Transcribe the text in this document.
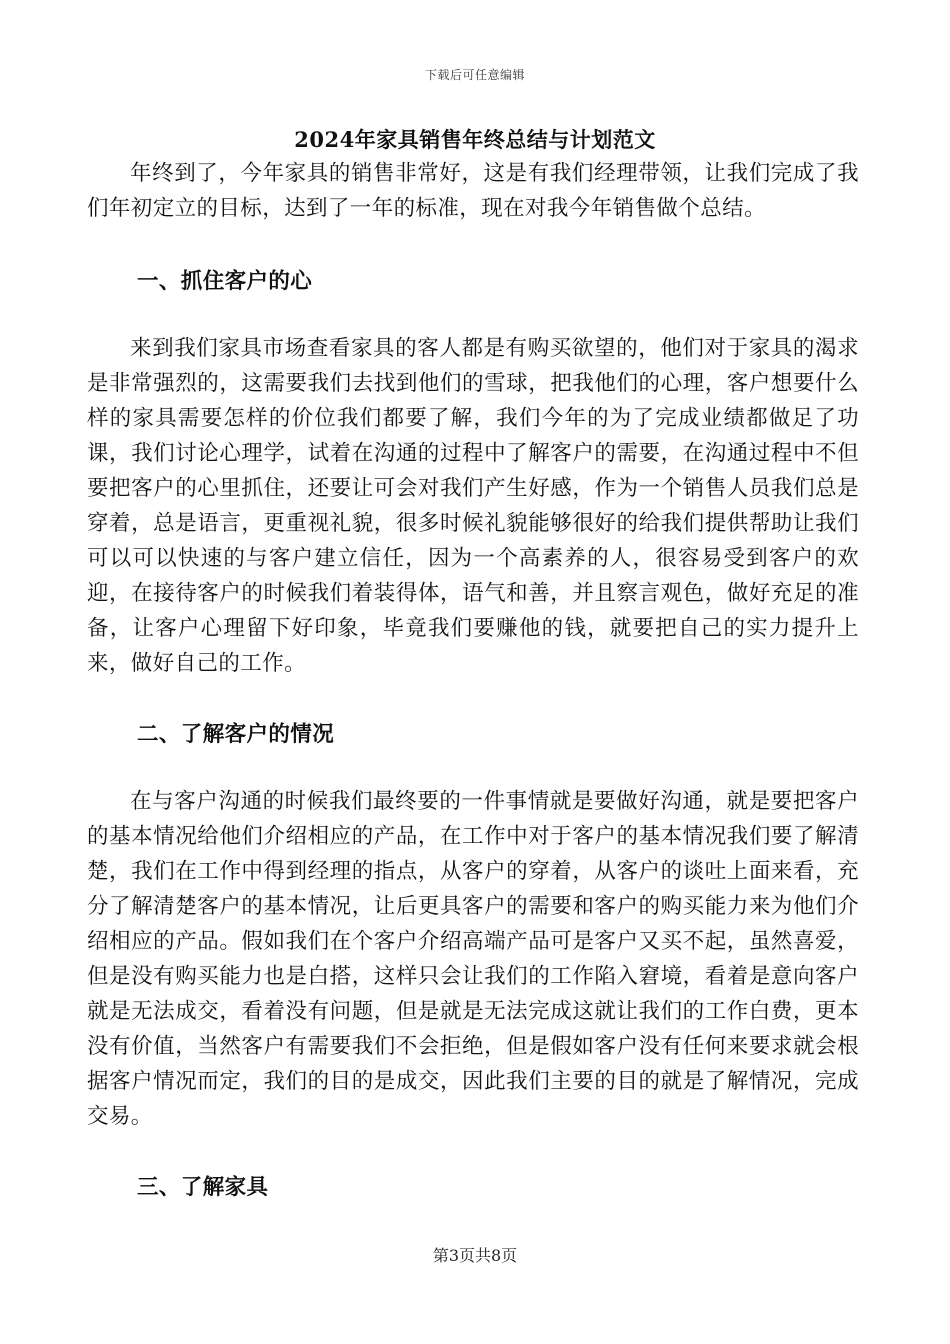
下载后可任意编辑
2024年家具销售年终总结与计划范文

年终到了，今年家具的销售非常好，这是有我们经理带领，让我们完成了我们年初定立的目标，达到了一年的标准，现在对我今年销售做个总结。

一、抓住客户的心

来到我们家具市场查看家具的客人都是有购买欲望的，他们对于家具的渴求是非常强烈的，这需要我们去找到他们的雪球，把我他们的心理，客户想要什么样的家具需要怎样的价位我们都要了解，我们今年的为了完成业绩都做足了功课，我们讨论心理学，试着在沟通的过程中了解客户的需要，在沟通过程中不但要把客户的心里抓住，还要让可会对我们产生好感，作为一个销售人员我们总是穿着，总是语言，更重视礼貌，很多时候礼貌能够很好的给我们提供帮助让我们可以可以快速的与客户建立信任，因为一个高素养的人，很容易受到客户的欢迎，在接待客户的时候我们着装得体，语气和善，并且察言观色，做好充足的准备，让客户心理留下好印象，毕竟我们要赚他的钱，就要把自己的实力提升上来，做好自己的工作。

二、了解客户的情况

在与客户沟通的时候我们最终要的一件事情就是要做好沟通，就是要把客户的基本情况给他们介绍相应的产品，在工作中对于客户的基本情况我们要了解清楚，我们在工作中得到经理的指点，从客户的穿着，从客户的谈吐上面来看，充分了解清楚客户的基本情况，让后更具客户的需要和客户的购买能力来为他们介绍相应的产品。假如我们在个客户介绍高端产品可是客户又买不起，虽然喜爱，但是没有购买能力也是白搭，这样只会让我们的工作陷入窘境，看着是意向客户就是无法成交，看着没有问题，但是就是无法完成这就让我们的工作白费，更本没有价值，当然客户有需要我们不会拒绝，但是假如客户没有任何来要求就会根据客户情况而定，我们的目的是成交，因此我们主要的目的就是了解情况，完成交易。

三、了解家具

第3页共8页
